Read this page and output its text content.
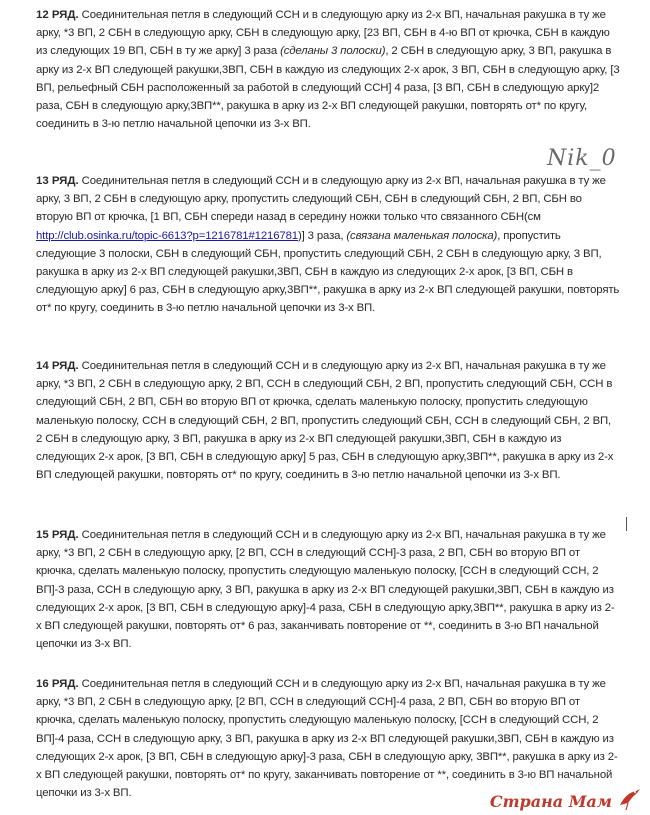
12 РЯД. Соединительная петля в следующий ССН и в следующую арку из 2-х ВП, начальная ракушка в ту же арку, *3 ВП, 2 СБН в следующую арку, СБН в следующую арку, [23 ВП, СБН в 4-ю ВП от крючка, СБН в каждую из следующих 19 ВП, СБН в ту же арку] 3 раза (сделаны 3 полоски), 2 СБН в следующую арку, 3 ВП, ракушка в арку из 2-х ВП следующей ракушки,3ВП, СБН в каждую из следующих 2-х арок, 3 ВП, СБН в следующую арку, [3 ВП, рельефный СБН расположенный за работой в следующий ССН] 4 раза, [3 ВП, СБН в следующую арку]2 раза, СБН в следующую арку,3ВП**, ракушка в арку из 2-х ВП следующей ракушки, повторять от* по кругу, соединить в 3-ю петлю начальной цепочки из 3-х ВП.

Nik_0

13 РЯД. Соединительная петля в следующий ССН и в следующую арку из 2-х ВП, начальная ракушка в ту же арку, 3 ВП, 2 СБН в следующую арку, пропустить следующий СБН, СБН в следующий СБН, 2 ВП, СБН во вторую ВП от крючка, [1 ВП, СБН спереди назад в середину ножки только что связанного СБН(см http://club.osinka.ru/topic-6613?p=1216781#1216781)] 3 раза, (связана маленькая полоска), пропустить следующие 3 полоски, СБН в следующий СБН, пропустить следующий СБН, 2 СБН в следующую арку, 3 ВП, ракушка в арку из 2-х ВП следующей ракушки,3ВП, СБН в каждую из следующих 2-х арок, [3 ВП, СБН в следующую арку] 6 раз, СБН в следующую арку,3ВП**, ракушка в арку из 2-х ВП следующей ракушки, повторять от* по кругу, соединить в 3-ю петлю начальной цепочки из 3-х ВП.

14 РЯД. Соединительная петля в следующий ССН и в следующую арку из 2-х ВП, начальная ракушка в ту же арку, *3 ВП, 2 СБН в следующую арку, 2 ВП, ССН в следующий СБН, 2 ВП, пропустить следующий СБН, ССН в следующий СБН, 2 ВП, СБН во вторую ВП от крючка, сделать маленькую полоску, пропустить следующую маленькую полоску, ССН в следующий СБН, 2 ВП, пропустить следующий СБН, ССН в следующий СБН, 2 ВП, 2 СБН в следующую арку, 3 ВП, ракушка в арку из 2-х ВП следующей ракушки,3ВП, СБН в каждую из следующих 2-х арок, [3 ВП, СБН в следующую арку] 5 раз, СБН в следующую арку,3ВП**, ракушка в арку из 2-х ВП следующей ракушки, повторять от* по кругу, соединить в 3-ю петлю начальной цепочки из 3-х ВП.

15 РЯД. Соединительная петля в следующий ССН и в следующую арку из 2-х ВП, начальная ракушка в ту же арку, *3 ВП, 2 СБН в следующую арку, [2 ВП, ССН в следующий ССН]-3 раза, 2 ВП, СБН во вторую ВП от крючка, сделать маленькую полоску, пропустить следующую маленькую полоску, [ССН в следующий ССН, 2 ВП]-3 раза, ССН в следующую арку, 3 ВП, ракушка в арку из 2-х ВП следующей ракушки,3ВП, СБН в каждую из следующих 2-х арок, [3 ВП, СБН в следующую арку]-4 раза, СБН в следующую арку,3ВП**, ракушка в арку из 2-х ВП следующей ракушки, повторять от* 6 раз, заканчивать повторение от **, соединить в 3-ю ВП начальной цепочки из 3-х ВП.

16 РЯД. Соединительная петля в следующий ССН и в следующую арку из 2-х ВП, начальная ракушка в ту же арку, *3 ВП, 2 СБН в следующую арку, [2 ВП, ССН в следующий ССН]-4 раза, 2 ВП, СБН во вторую ВП от крючка, сделать маленькую полоску, пропустить следующую маленькую полоску, [ССН в следующий ССН, 2 ВП]-4 раза, ССН в следующую арку, 3 ВП, ракушка в арку из 2-х ВП следующей ракушки,3ВП, СБН в каждую из следующих 2-х арок, [3 ВП, СБН в следующую арку]-3 раза, СБН в следующую арку, 3ВП**, ракушка в арку из 2-х ВП следующей ракушки, повторять от* по кругу, заканчивать повторение от **, соединить в 3-ю ВП начальной цепочки из 3-х ВП.	Страна Мам
